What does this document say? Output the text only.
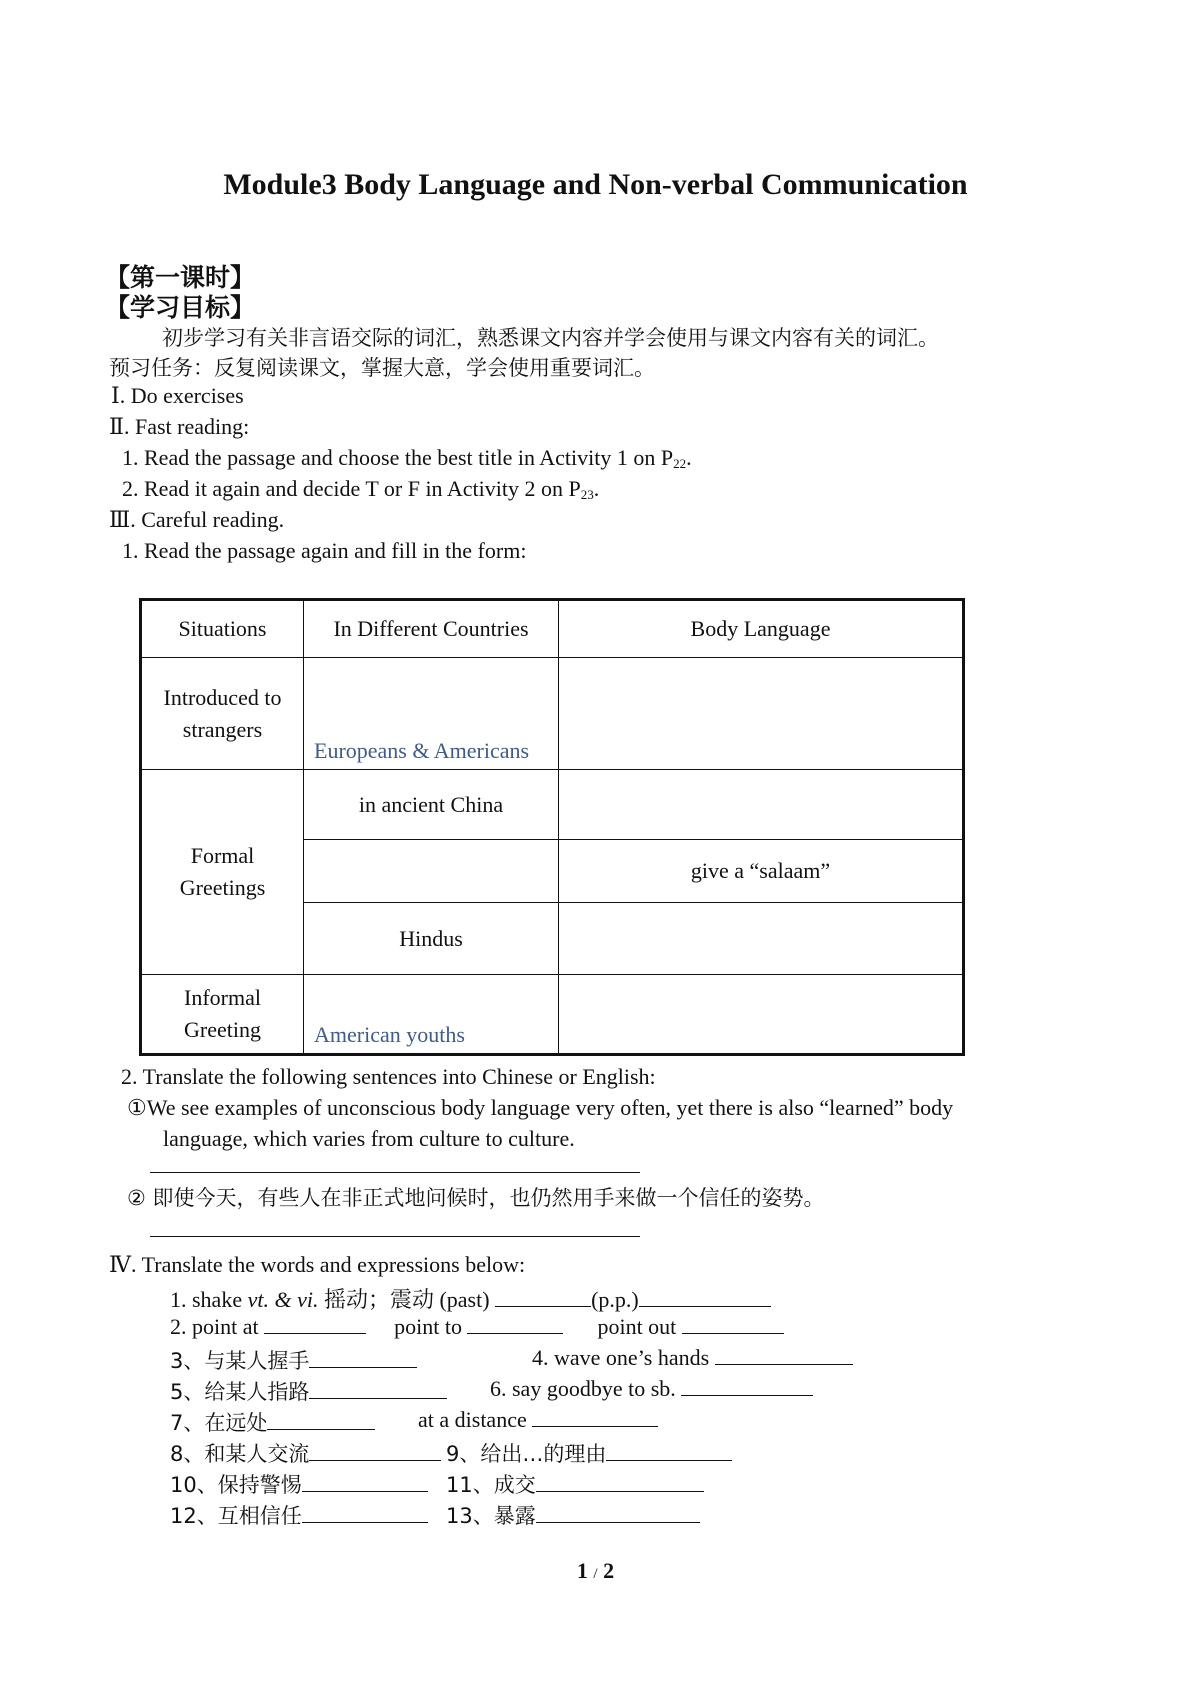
Module3 Body Language and Non-verbal Communication
【第一课时】
【学习目标】
初步学习有关非言语交际的词汇，熟悉课文内容并学会使用与课文内容有关的词汇。
预习任务：反复阅读课文，掌握大意，学会使用重要词汇。
Ⅰ. Do exercises
Ⅱ. Fast reading:
1. Read the passage and choose the best title in Activity 1 on $P_{22}$.
2. Read it again and decide T or F in Activity 2 on $P_{23}$.
Ⅲ. Careful reading.
1. Read the passage again and fill in the form:
Situations	In Different Countries	Body Language
Introduced to strangers	Europeans & Americans	
Formal Greetings	in ancient China	
		give a “salaam”
	Hindus	
Informal Greeting	American youths	
2. Translate the following sentences into Chinese or English:
①We see examples of unconscious body language very often, yet there is also “learned” body
language, which varies from culture to culture.
② 即使今天，有些人在非正式地问候时，也仍然用手来做一个信任的姿势。
Ⅳ. Translate the words and expressions below:
1. shake vt. & vi. 摇动；震动 (past)	(p.p.)
2. point at	point to	point out
3、与某人握手	4. wave one’s hands
5、给某人指路	6. say goodbye to sb.
7、在远处	at a distance
8、和某人交流	9、给出…的理由
10、保持警惕	11、成交
12、互相信任	13、暴露
1 / 2
